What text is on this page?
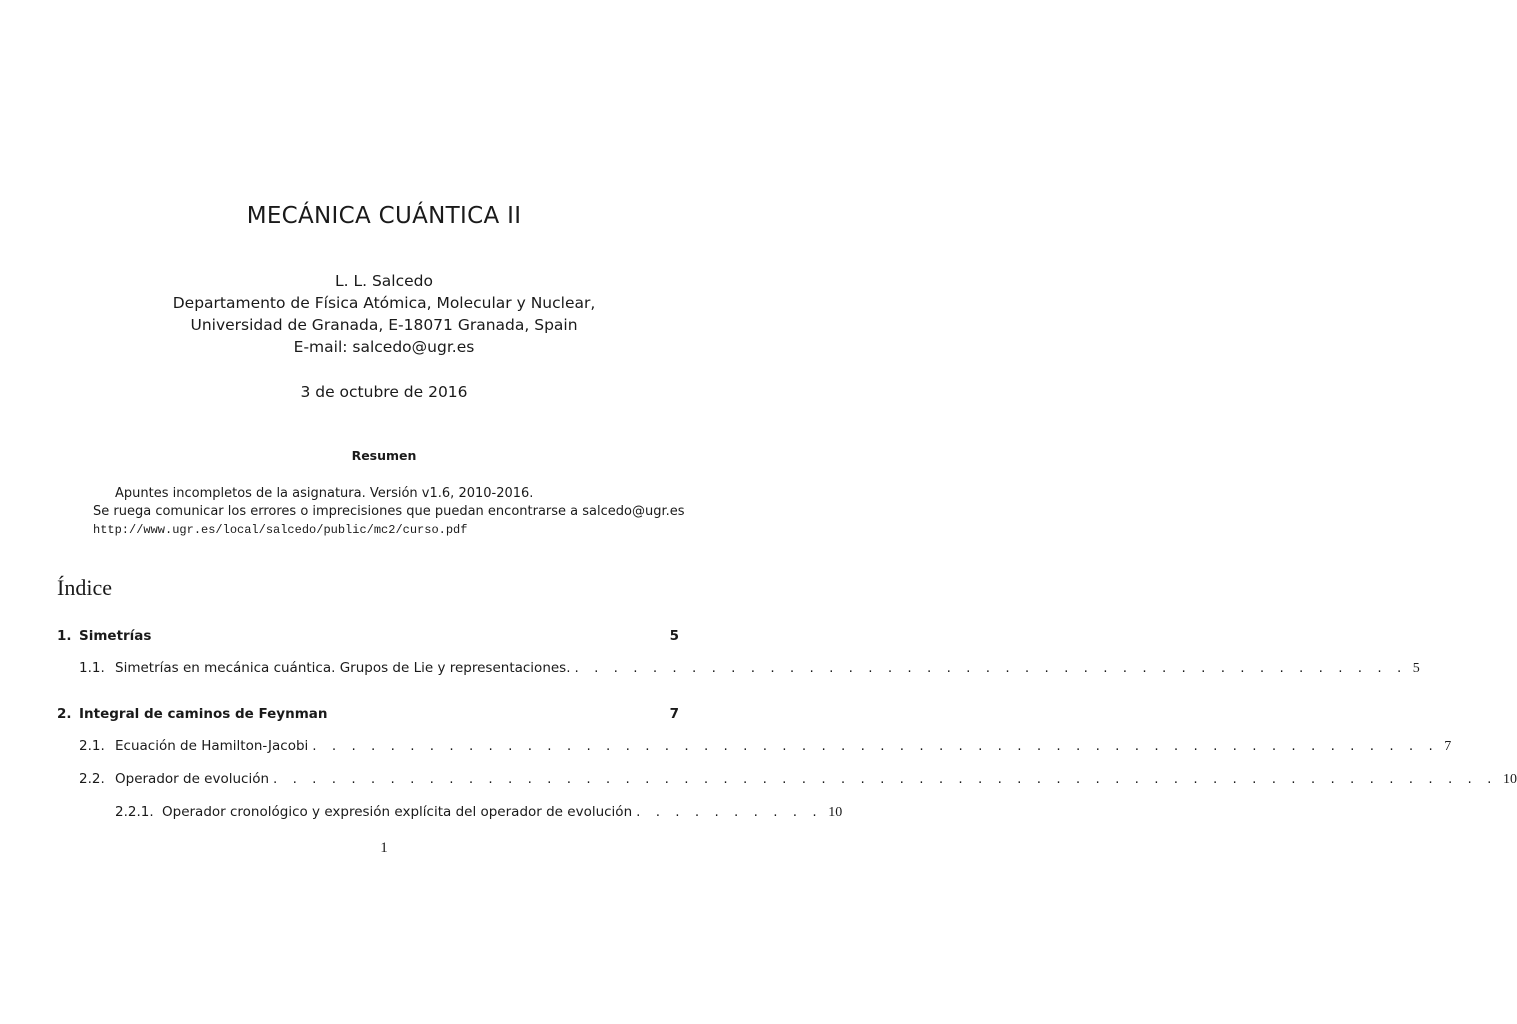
MECÁNICA CUÁNTICA II
L. L. Salcedo
Departamento de Física Atómica, Molecular y Nuclear,
Universidad de Granada, E-18071 Granada, Spain
E-mail: salcedo@ugr.es
3 de octubre de 2016
Resumen
Apuntes incompletos de la asignatura. Versión v1.6, 2010-2016.
Se ruega comunicar los errores o imprecisiones que puedan encontrarse a salcedo@ugr.es
http://www.ugr.es/local/salcedo/public/mc2/curso.pdf
Índice
1. Simetrías	5
1.1. Simetrías en mecánica cuántica. Grupos de Lie y representaciones. . . . . . . . . . . . . . . . . . . . . . . . . . . . . . . . . . . . . . . . . . . . 5
2. Integral de caminos de Feynman	7
2.1. Ecuación de Hamilton-Jacobi . . . . . . . . . . . . . . . . . . . . . . . . . . . . . . . . . . . . . . . . . . . . . . . . . . . . . . . . . . 7
2.2. Operador de evolución . . . . . . . . . . . . . . . . . . . . . . . . . . . . . . . . . . . . . . . . . . . . . . . . . . . . . . . . . . . . . . . 10
2.2.1. Operador cronológico y expresión explícita del operador de evolución . . . . . . . . . . 10
1
